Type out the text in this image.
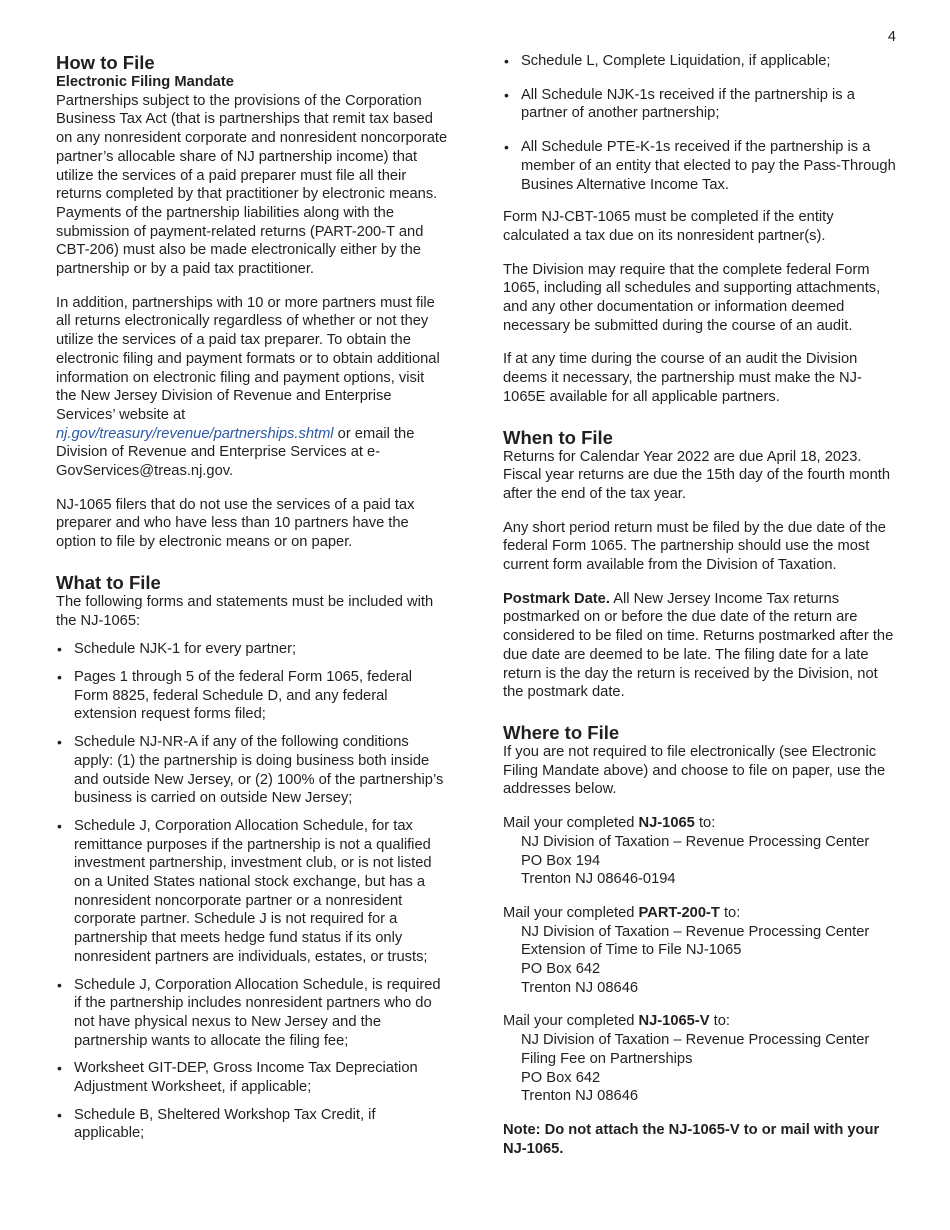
4
How to File
Electronic Filing Mandate

Partnerships subject to the provisions of the Corporation Business Tax Act (that is partnerships that remit tax based on any nonresident corporate and nonresident noncorporate partner’s allocable share of NJ partnership income) that utilize the services of a paid preparer must file all their returns completed by that practitioner by electronic means. Payments of the partnership liabilities along with the submission of payment-related returns (PART-200-T and CBT-206) must also be made electronically either by the partnership or by a paid tax practitioner.

In addition, partnerships with 10 or more partners must file all returns electronically regardless of whether or not they utilize the services of a paid tax preparer. To obtain the electronic filing and payment formats or to obtain additional information on electronic filing and payment options, visit the New Jersey Division of Revenue and Enterprise Services’ website at nj.gov/treasury/revenue/partnerships.shtml or email the Division of Revenue and Enterprise Services at e-GovServices@treas.nj.gov.

NJ-1065 filers that do not use the services of a paid tax preparer and who have less than 10 partners have the option to file by electronic means or on paper.

What to File

The following forms and statements must be included with the NJ-1065:

• Schedule NJK-1 for every partner;
• Pages 1 through 5 of the federal Form 1065, federal Form 8825, federal Schedule D, and any federal extension request forms filed;
• Schedule NJ-NR-A if any of the following conditions apply: (1) the partnership is doing business both inside and outside New Jersey, or (2) 100% of the partnership’s business is carried on outside New Jersey;
• Schedule J, Corporation Allocation Schedule, for tax remittance purposes if the partnership is not a qualified investment partnership, investment club, or is not listed on a United States national stock exchange, but has a nonresident noncorporate partner or a nonresident corporate partner. Schedule J is not required for a partnership that meets hedge fund status if its only nonresident partners are individuals, estates, or trusts;
• Schedule J, Corporation Allocation Schedule, is required if the partnership includes nonresident partners who do not have physical nexus to New Jersey and the partnership wants to allocate the filing fee;
• Worksheet GIT-DEP, Gross Income Tax Depreciation Adjustment Worksheet, if applicable;
• Schedule B, Sheltered Workshop Tax Credit, if applicable;
• Schedule L, Complete Liquidation, if applicable;
• All Schedule NJK-1s received if the partnership is a partner of another partnership;
• All Schedule PTE-K-1s received if the partnership is a member of an entity that elected to pay the Pass-Through Busines Alternative Income Tax.

Form NJ-CBT-1065 must be completed if the entity calculated a tax due on its nonresident partner(s).

The Division may require that the complete federal Form 1065, including all schedules and supporting attachments, and any other documentation or information deemed necessary be submitted during the course of an audit.

If at any time during the course of an audit the Division deems it necessary, the partnership must make the NJ-1065E available for all applicable partners.

When to File

Returns for Calendar Year 2022 are due April 18, 2023. Fiscal year returns are due the 15th day of the fourth month after the end of the tax year.

Any short period return must be filed by the due date of the federal Form 1065. The partnership should use the most current form available from the Division of Taxation.

Postmark Date. All New Jersey Income Tax returns postmarked on or before the due date of the return are considered to be filed on time. Returns postmarked after the due date are deemed to be late. The filing date for a late return is the day the return is received by the Division, not the postmark date.

Where to File

If you are not required to file electronically (see Electronic Filing Mandate above) and choose to file on paper, use the addresses below.

Mail your completed NJ-1065 to:
NJ Division of Taxation – Revenue Processing Center
PO Box 194
Trenton NJ 08646-0194
Mail your completed PART-200-T to:
NJ Division of Taxation – Revenue Processing Center
Extension of Time to File NJ-1065
PO Box 642
Trenton NJ 08646
Mail your completed NJ-1065-V to:
NJ Division of Taxation – Revenue Processing Center
Filing Fee on Partnerships
PO Box 642
Trenton NJ 08646

Note: Do not attach the NJ-1065-V to or mail with your NJ-1065.
